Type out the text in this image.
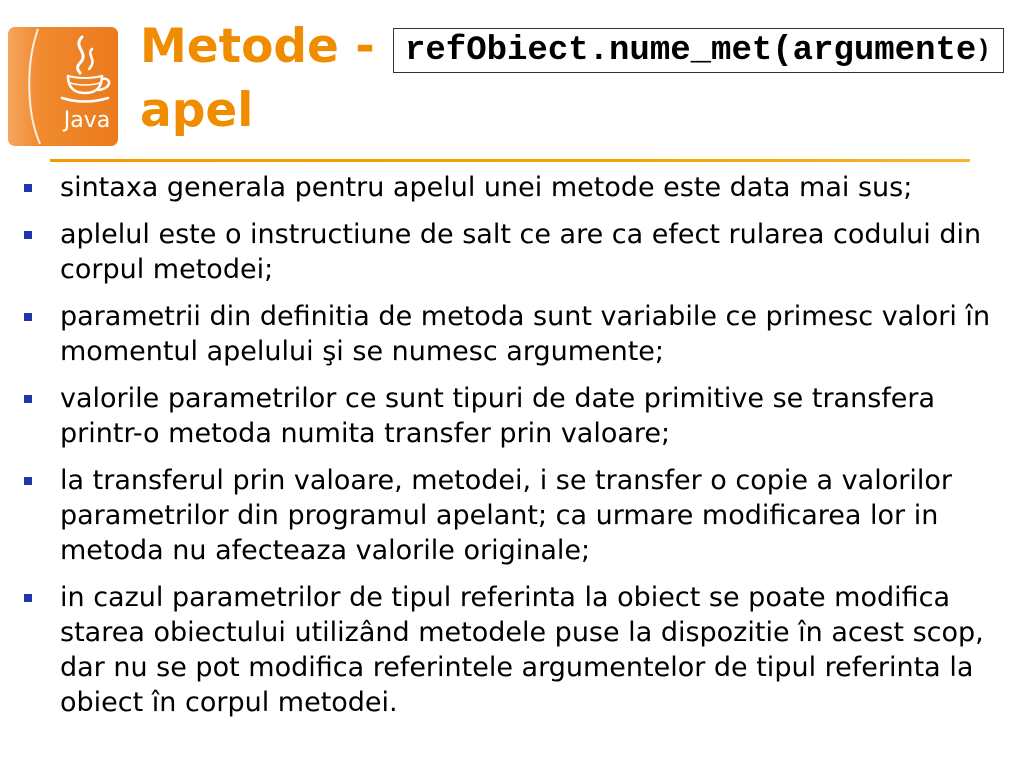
Java
Metode -
apel
refObiect.nume_met(argumente )
sintaxa generala pentru apelul unei metode este data mai sus;
aplelul este o instructiune de salt ce are ca efect rularea codului din
corpul metodei;
parametrii din definitia de metoda sunt variabile ce primesc valori în
momentul apelului şi se numesc argumente;
valorile parametrilor ce sunt tipuri de date primitive se transfera
printr-o metoda numita transfer prin valoare;
la transferul prin valoare, metodei, i se transfer o copie a valorilor
parametrilor din programul apelant; ca urmare modificarea lor in
metoda nu afecteaza valorile originale;
in cazul parametrilor de tipul referinta la obiect se poate modifica
starea obiectului utilizând metodele puse la dispozitie în acest scop,
dar nu se pot modifica referintele argumentelor de tipul referinta la
obiect în corpul metodei.
